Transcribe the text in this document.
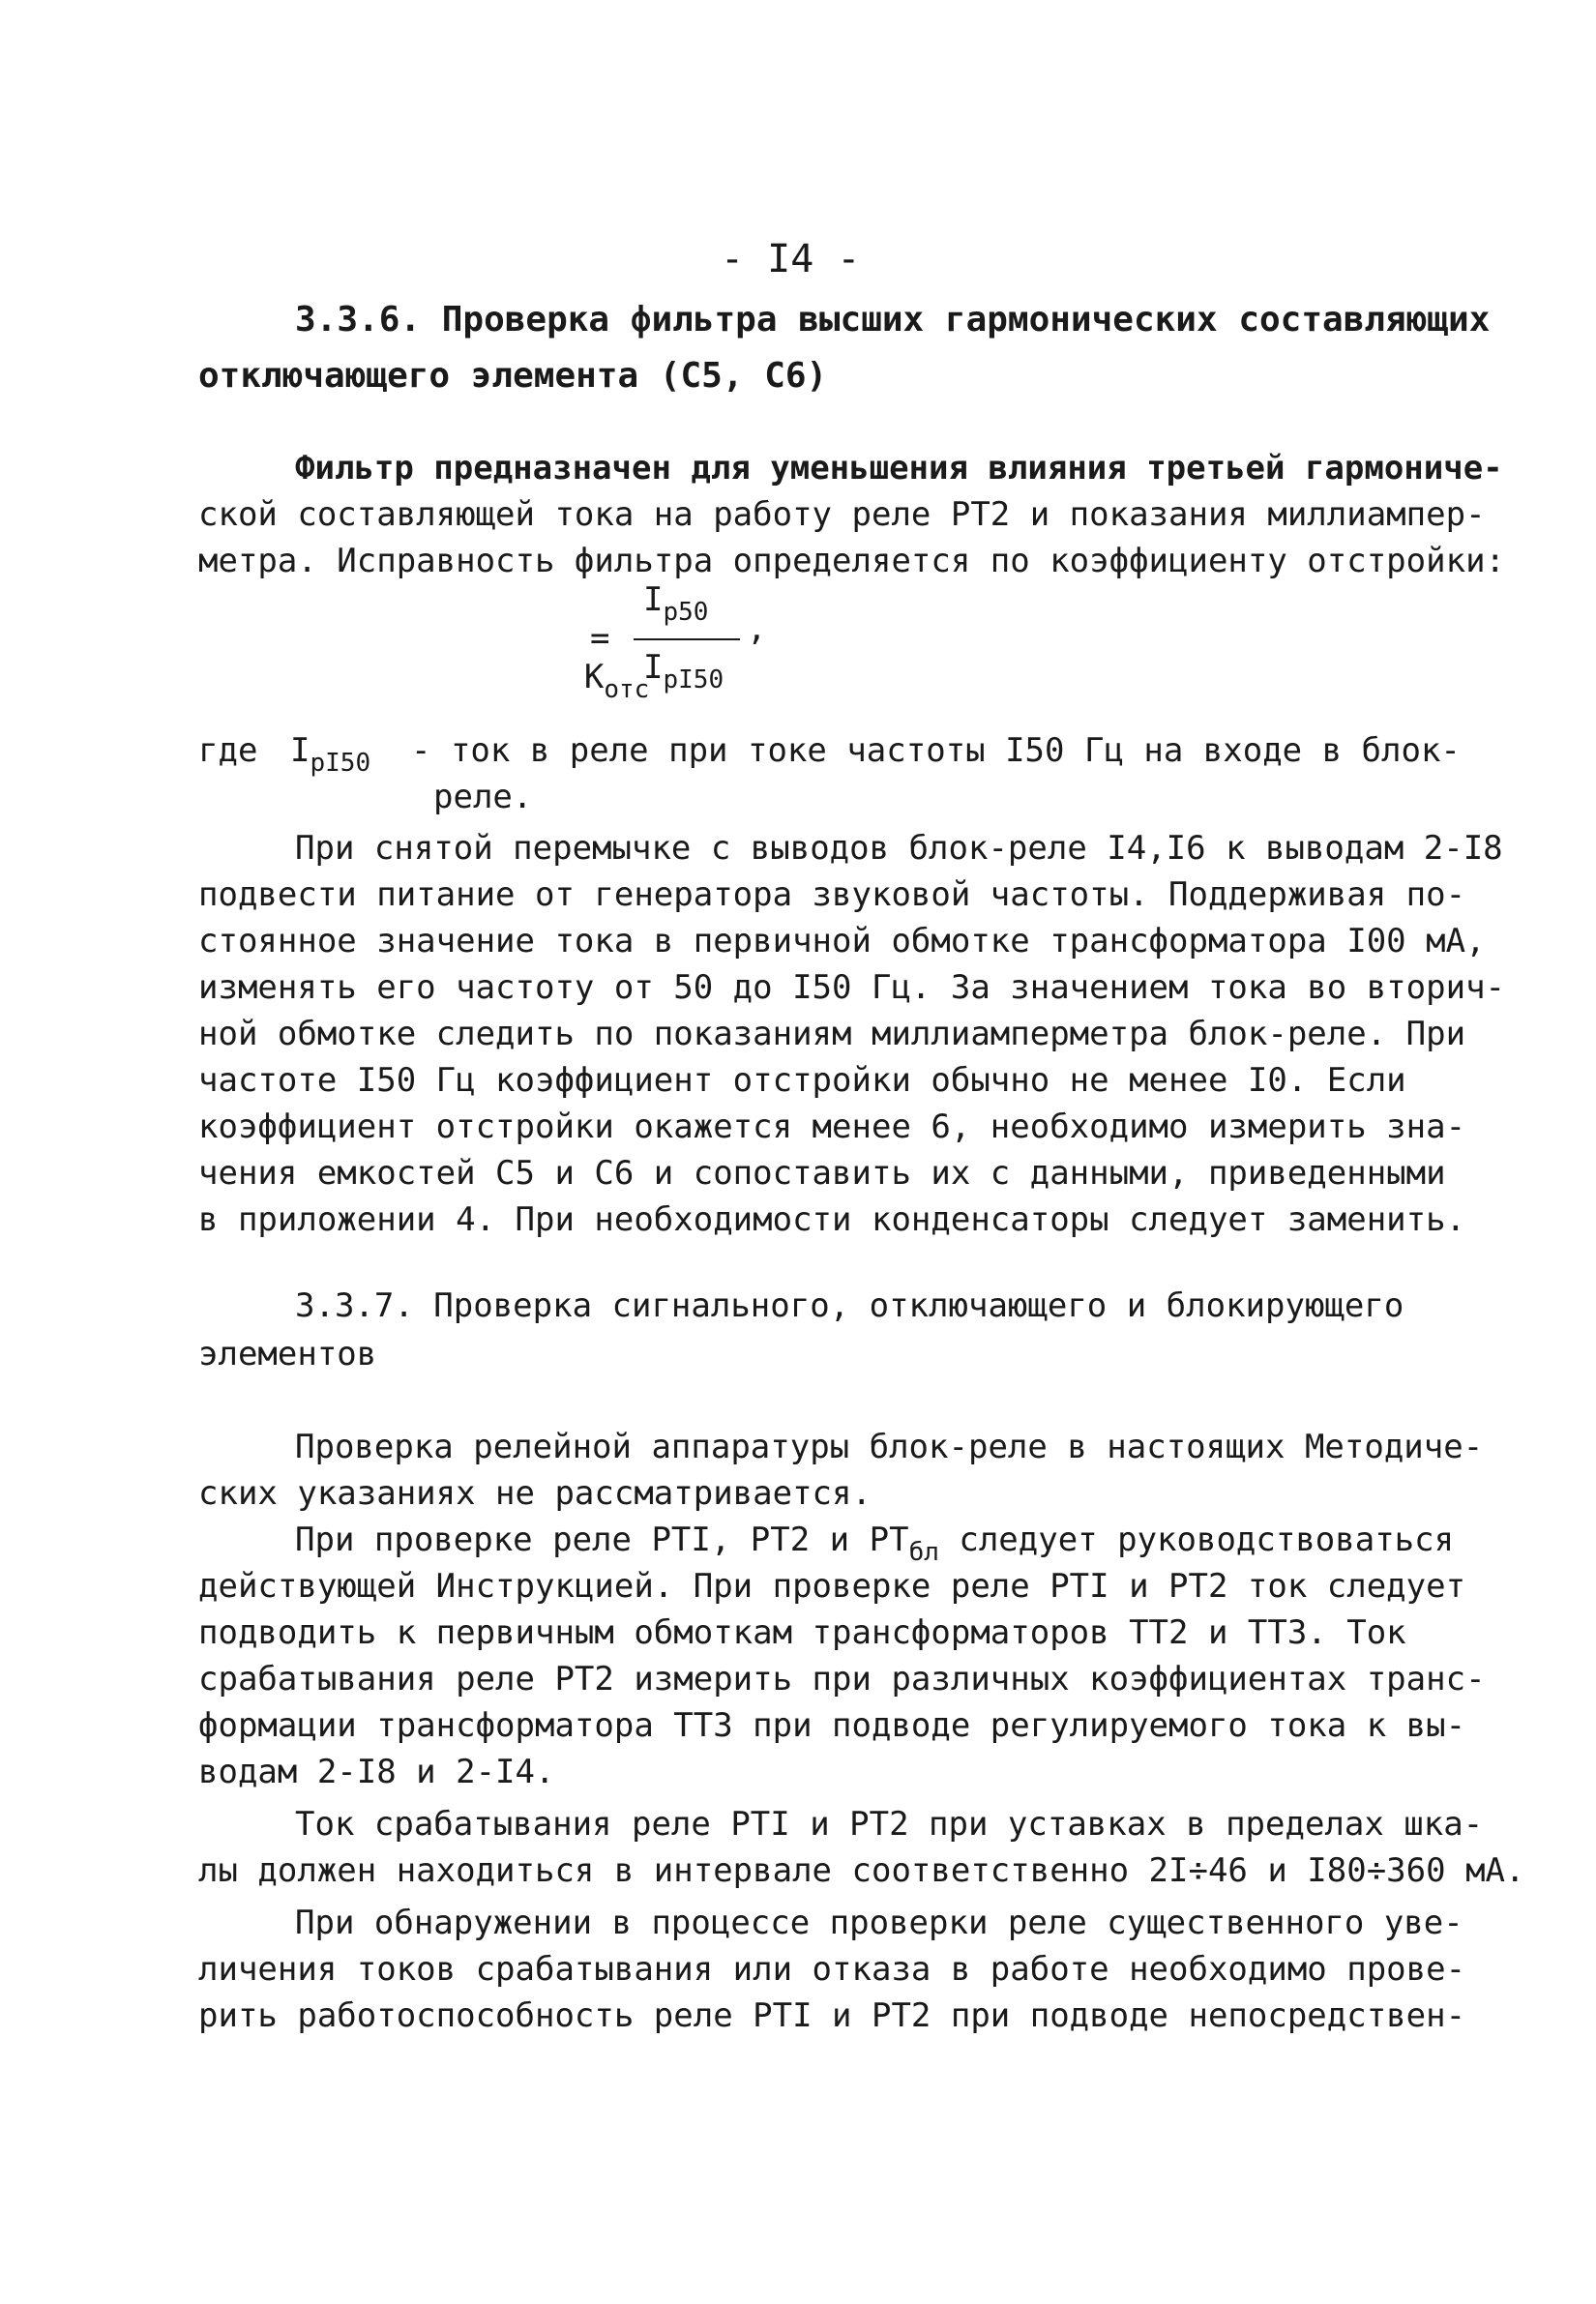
- I4 -
3.3.6. Проверка фильтра высших гармонических составляющих
отключающего элемента (С5, С6)
Фильтр предназначен для уменьшения влияния третьей гармониче-
ской составляющей тока на работу реле РТ2 и показания миллиампер-
метра. Исправность фильтра определяется по коэффициенту отстройки:

$К_{отс}$

=
$I_{р50}$
$I_{рI50}$
,
где $I_{рI50}$ - ток в реле при токе частоты I50 Гц на входе в блок-
реле.
При снятой перемычке с выводов блок-реле I4,I6 к выводам 2-I8
подвести питание от генератора звуковой частоты. Поддерживая по-
стоянное значение тока в первичной обмотке трансформатора I00 мА,
изменять его частоту от 50 до I50 Гц. За значением тока во вторич-
ной обмотке следить по показаниям миллиамперметра блок-реле. При
частоте I50 Гц коэффициент отстройки обычно не менее I0. Если
коэффициент отстройки окажется менее 6, необходимо измерить зна-
чения емкостей С5 и С6 и сопоставить их с данными, приведенными
в приложении 4. При необходимости конденсаторы следует заменить.
3.3.7. Проверка сигнального, отключающего и блокирующего
элементов
Проверка релейной аппаратуры блок-реле в настоящих Методиче-
ских указаниях не рассматривается.
При проверке реле РТI, РТ2 и $РТ_{бл}$ следует руководствоваться
действующей Инструкцией. При проверке реле РТI и РТ2 ток следует
подводить к первичным обмоткам трансформаторов ТТ2 и ТТ3. Ток
срабатывания реле РТ2 измерить при различных коэффициентах транс-
формации трансформатора ТТ3 при подводе регулируемого тока к вы-
водам 2-I8 и 2-I4.
Ток срабатывания реле РТI и РТ2 при уставках в пределах шка-
лы должен находиться в интервале соответственно 2I÷46 и I80÷360 мА.
При обнаружении в процессе проверки реле существенного уве-
личения токов срабатывания или отказа в работе необходимо прове-
рить работоспособность реле РТI и РТ2 при подводе непосредствен-
